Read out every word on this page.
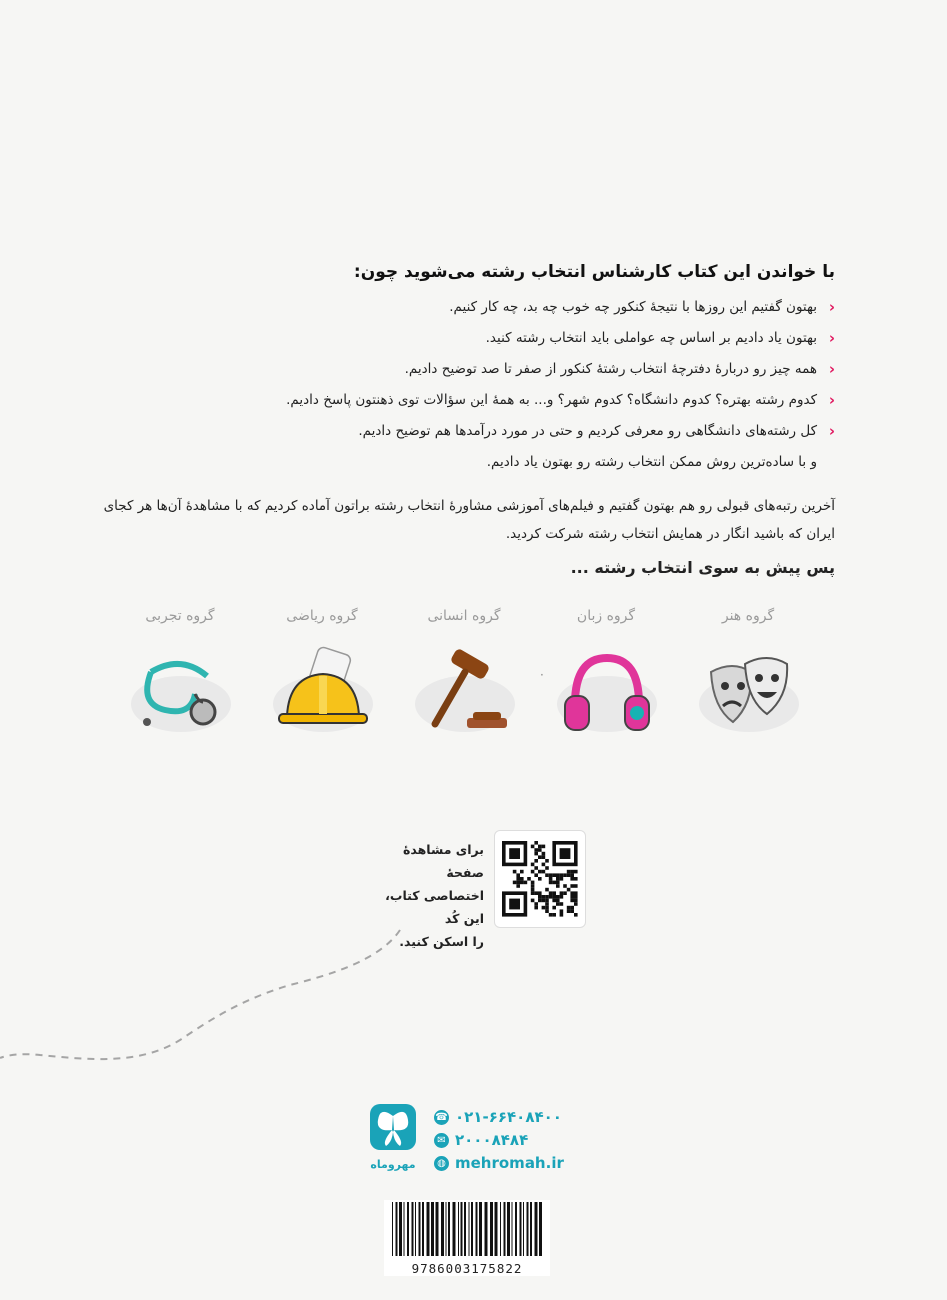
با خواندن این کتاب کارشناس انتخاب رشته می‌شوید چون:
‹
بهتون گفتیم این روزها با نتیجهٔ کنکور چه خوب چه بد، چه کار کنیم.
‹
بهتون یاد دادیم بر اساس چه عواملی باید انتخاب رشته کنید.
‹
همه چیز رو دربارهٔ دفترچهٔ انتخاب رشتهٔ کنکور از صفر تا صد توضیح دادیم.
‹
کدوم رشته بهتره؟ کدوم دانشگاه؟ کدوم شهر؟ و... به همهٔ این سؤالات توی ذهنتون پاسخ دادیم.
‹
کل رشته‌های دانشگاهی رو معرفی کردیم و حتی در مورد درآمدها هم توضیح دادیم.
و با ساده‌ترین روش ممکن انتخاب رشته رو بهتون یاد دادیم.
آخرین رتبه‌های قبولی رو هم بهتون گفتیم و فیلم‌های آموزشی مشاورهٔ انتخاب رشته براتون آماده کردیم که با مشاهدهٔ آن‌ها هر کجای ایران که باشید انگار در همایش انتخاب رشته شرکت کردید.
پس پیش به سوی انتخاب رشته ...
گروه هنر
گروه زبان
گروه انسانی
گروه ریاضی
گروه تجربی
·
برای مشاهدهٔ صفحهٔ
اختصاصی کتاب، این کُد
را اسکن کنید.
مهروماه
☎ ۰۲۱-۶۶۴۰۸۴۰۰
✉ ۲۰۰۰۸۴۸۴
◍ mehromah.ir
9786003175822
